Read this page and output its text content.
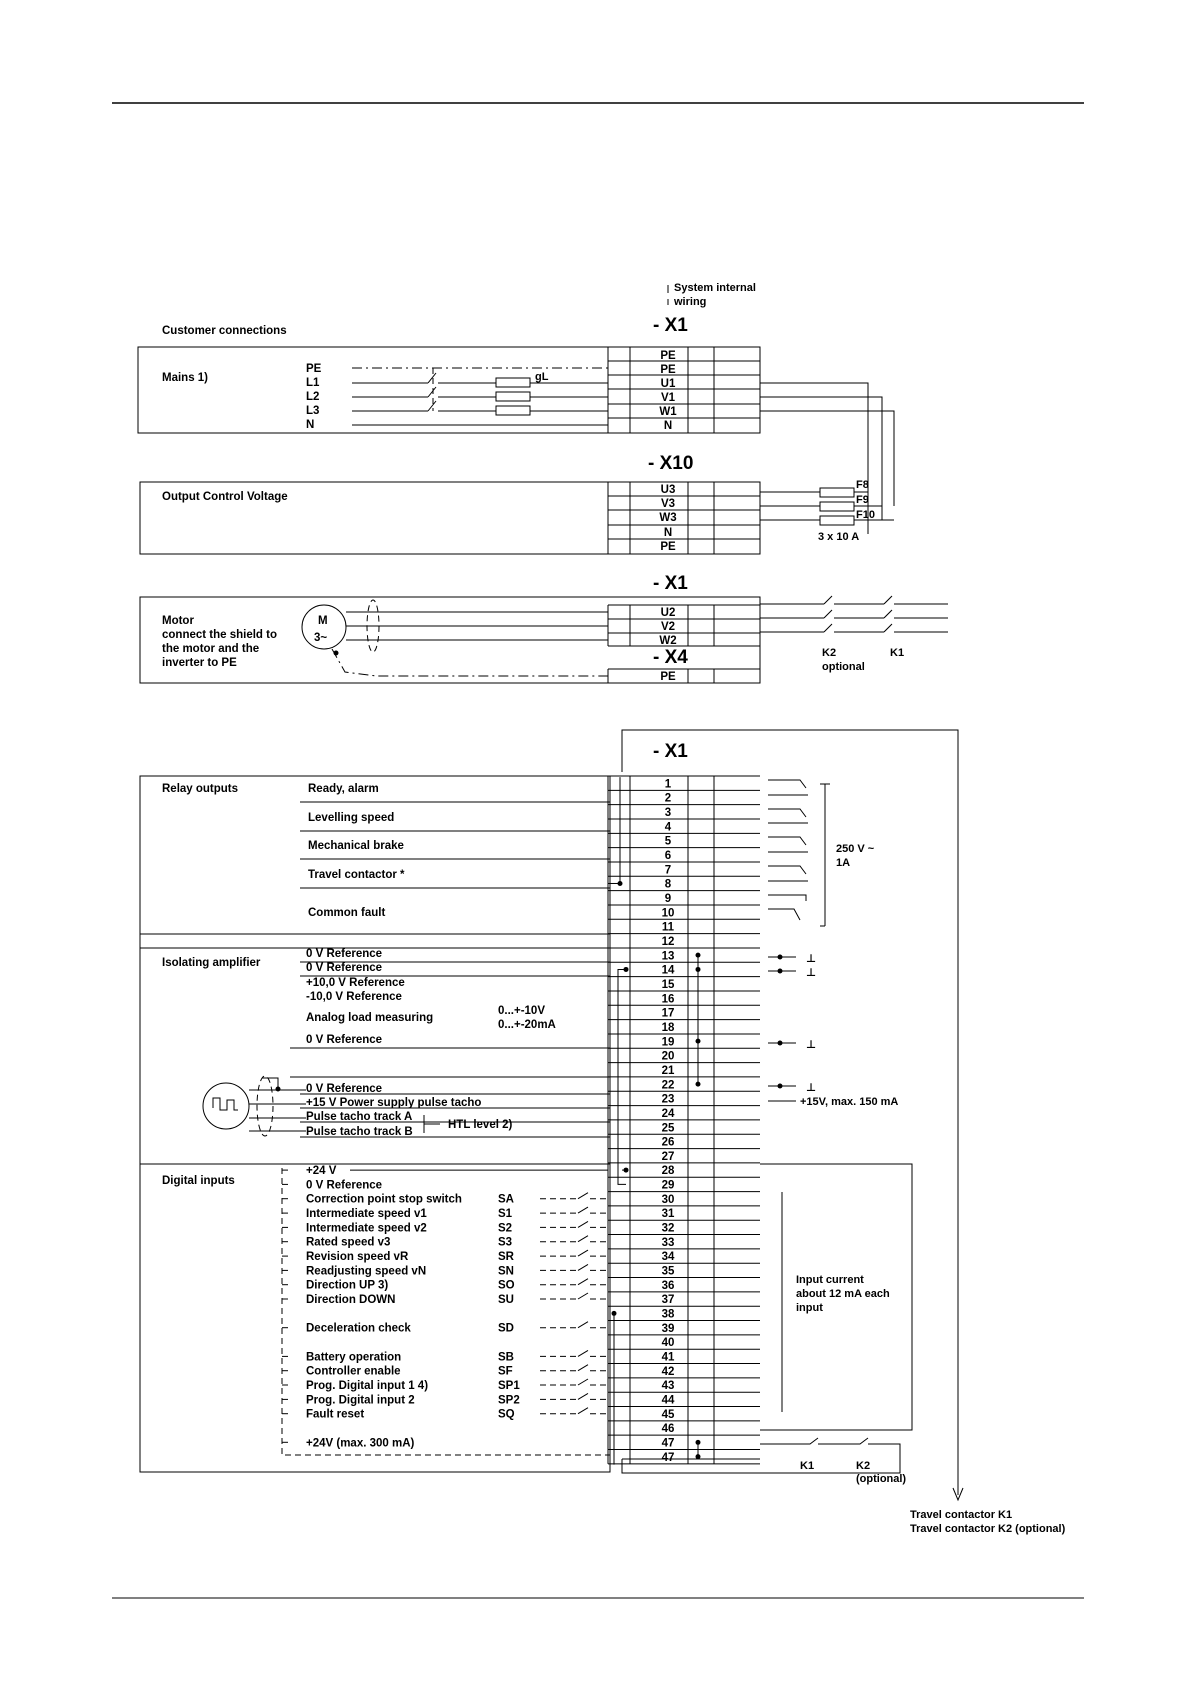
System internal
wiring
Customer connections	- X1
Mains 1)
PE
L1
L2
L3
N
gL
PE
PE
U1
V1
W1
N
- X10
Output Control Voltage
U3
V3
W3
N
PE
F8
F9
F10
3 x 10 A
- X1
Motor
connect the shield to
the motor and the
inverter to PE
M
3~
U2
V2
W2
- X4
PE
K2	K1
optional
- X1
Relay outputs
Isolating amplifier
Digital inputs
1
2
3
4
5
6
7
8
9
10
11
12
13
14
15
16
17
18
19
20
21
22
23
24
25
26
27
28
29
30
31
32
33
34
35
36
37
38
39
40
41
42
43
44
45
46
47
47
Ready, alarm
Levelling speed
Mechanical brake
Travel contactor *
Common fault
250 V ~
1A
0 V Reference
0 V Reference
+10,0 V Reference
-10,0 V Reference
Analog load measuring
0 V Reference
0...+-10V
0...+-20mA
0 V Reference
+15 V Power supply pulse tacho
Pulse tacho track A
Pulse tacho track B
HTL level 2)
⊥
⊥
⊥
⊥
+15V, max. 150 mA
+24 V
0 V Reference
Correction point stop switch	SA
Intermediate speed v1	S1
Intermediate speed v2	S2
Rated speed v3	S3
Revision speed vR	SR
Readjusting speed vN	SN
Direction UP 3)	SO
Direction DOWN	SU
Deceleration check	SD
Battery operation	SB
Controller enable	SF
Prog. Digital input 1 4)	SP1
Prog. Digital input 2	SP2
Fault reset	SQ
+24V (max. 300 mA)
Input current
about 12 mA each
input
K1	K2
(optional)
Travel contactor K1
Travel contactor K2 (optional)
